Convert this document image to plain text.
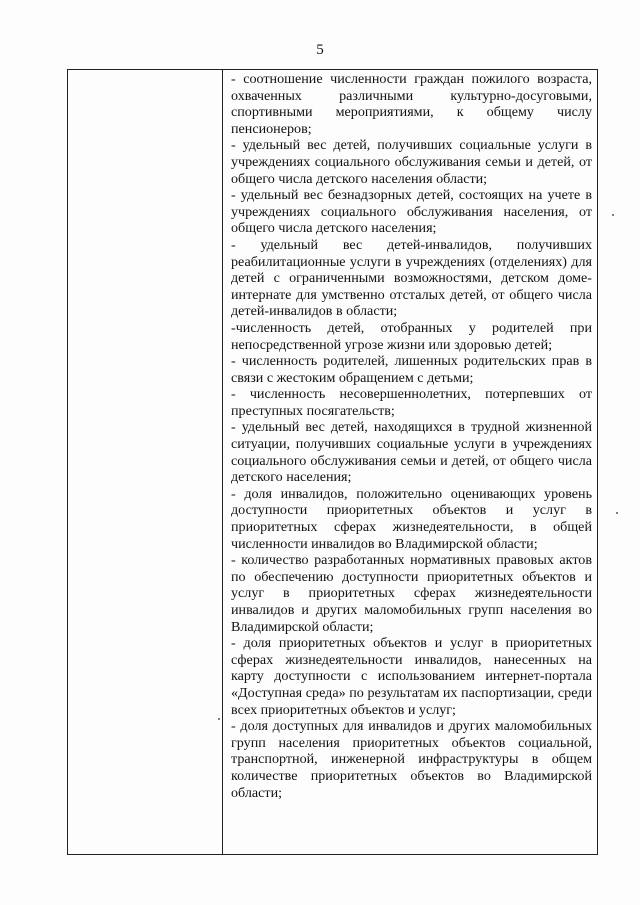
5

- соотношение численности граждан пожилого возраста, охваченных различными культурно-досуговыми, спортивными мероприятиями, к общему числу пенсионеров;

- удельный вес детей, получивших социальные услуги в учреждениях социального обслуживания семьи и детей, от общего числа детского населения области;

- удельный вес безнадзорных детей, состоящих на учете в учреждениях социального обслуживания населения, от общего числа детского населения;

- удельный вес детей-инвалидов, получивших реабилитационные услуги в учреждениях (отделениях) для детей с ограниченными возможностями, детском доме-интернате для умственно отсталых детей, от общего числа детей-инвалидов в области;

-численность детей, отобранных у родителей при непосредственной угрозе жизни или здоровью детей;

- численность родителей, лишенных родительских прав в связи с жестоким обращением с детьми;

- численность несовершеннолетних, потерпевших от преступных посягательств;

- удельный вес детей, находящихся в трудной жизненной ситуации, получивших социальные услуги в учреждениях социального обслуживания семьи и детей, от общего числа детского населения;

- доля инвалидов, положительно оценивающих уровень доступности приоритетных объектов и услуг в приоритетных сферах жизнедеятельности, в общей численности инвалидов во Владимирской области;

- количество разработанных нормативных правовых актов по обеспечению доступности приоритетных объектов и услуг в приоритетных сферах жизнедеятельности инвалидов и других маломобильных групп населения во Владимирской области;

- доля приоритетных объектов и услуг в приоритетных сферах жизнедеятельности инвалидов, нанесенных на карту доступности с использованием интернет-портала «Доступная среда» по результатам их паспортизации, среди всех приоритетных объектов и услуг;

- доля доступных для инвалидов и других маломобильных групп населения приоритетных объектов социальной, транспортной, инженерной инфраструктуры в общем количестве приоритетных объектов во Владимирской области;
